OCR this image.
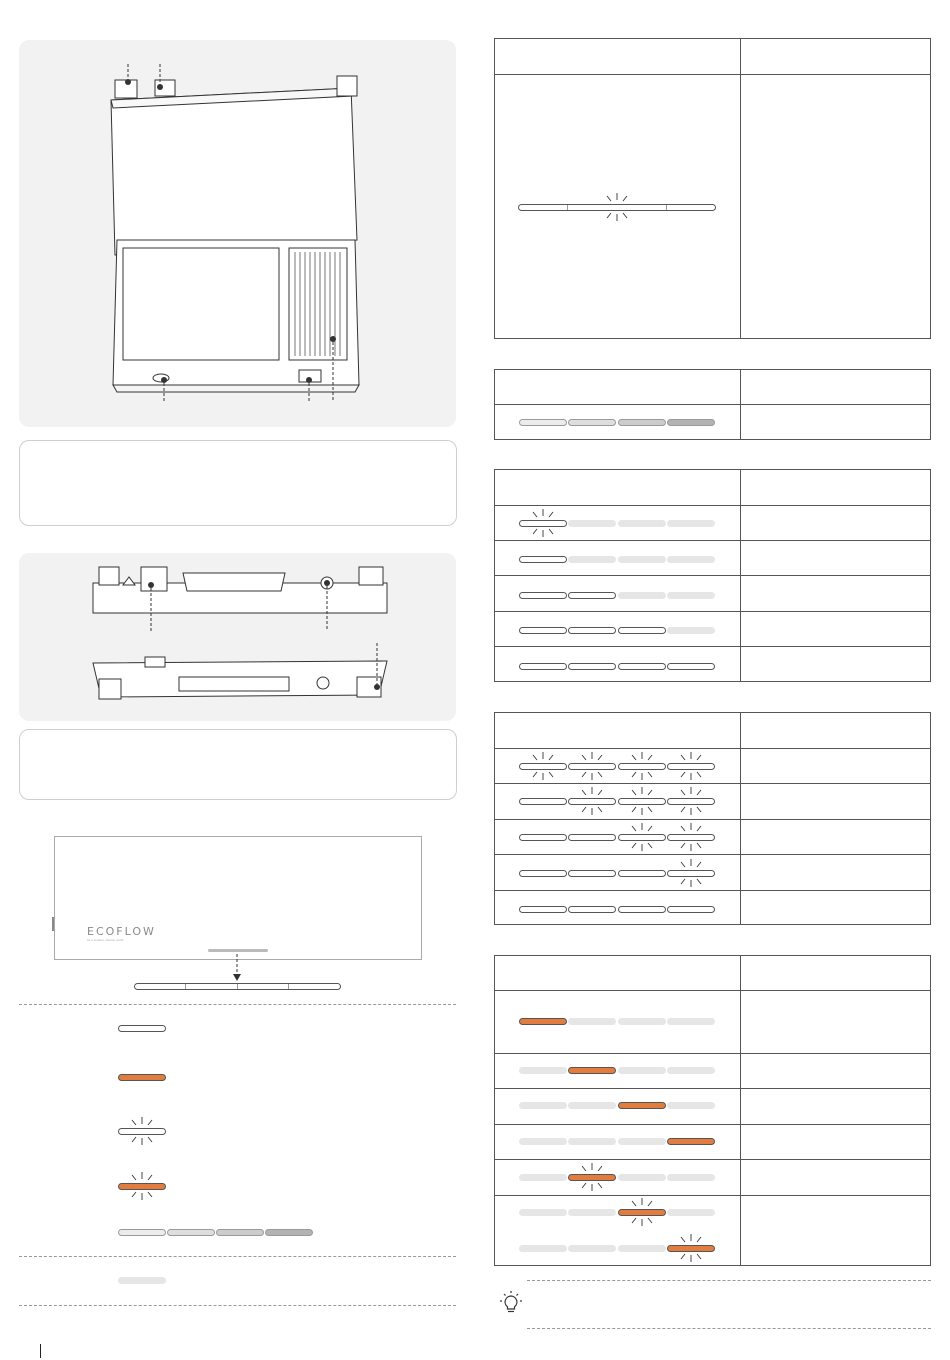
ECOFLOW
for a smarter, cleaner world
